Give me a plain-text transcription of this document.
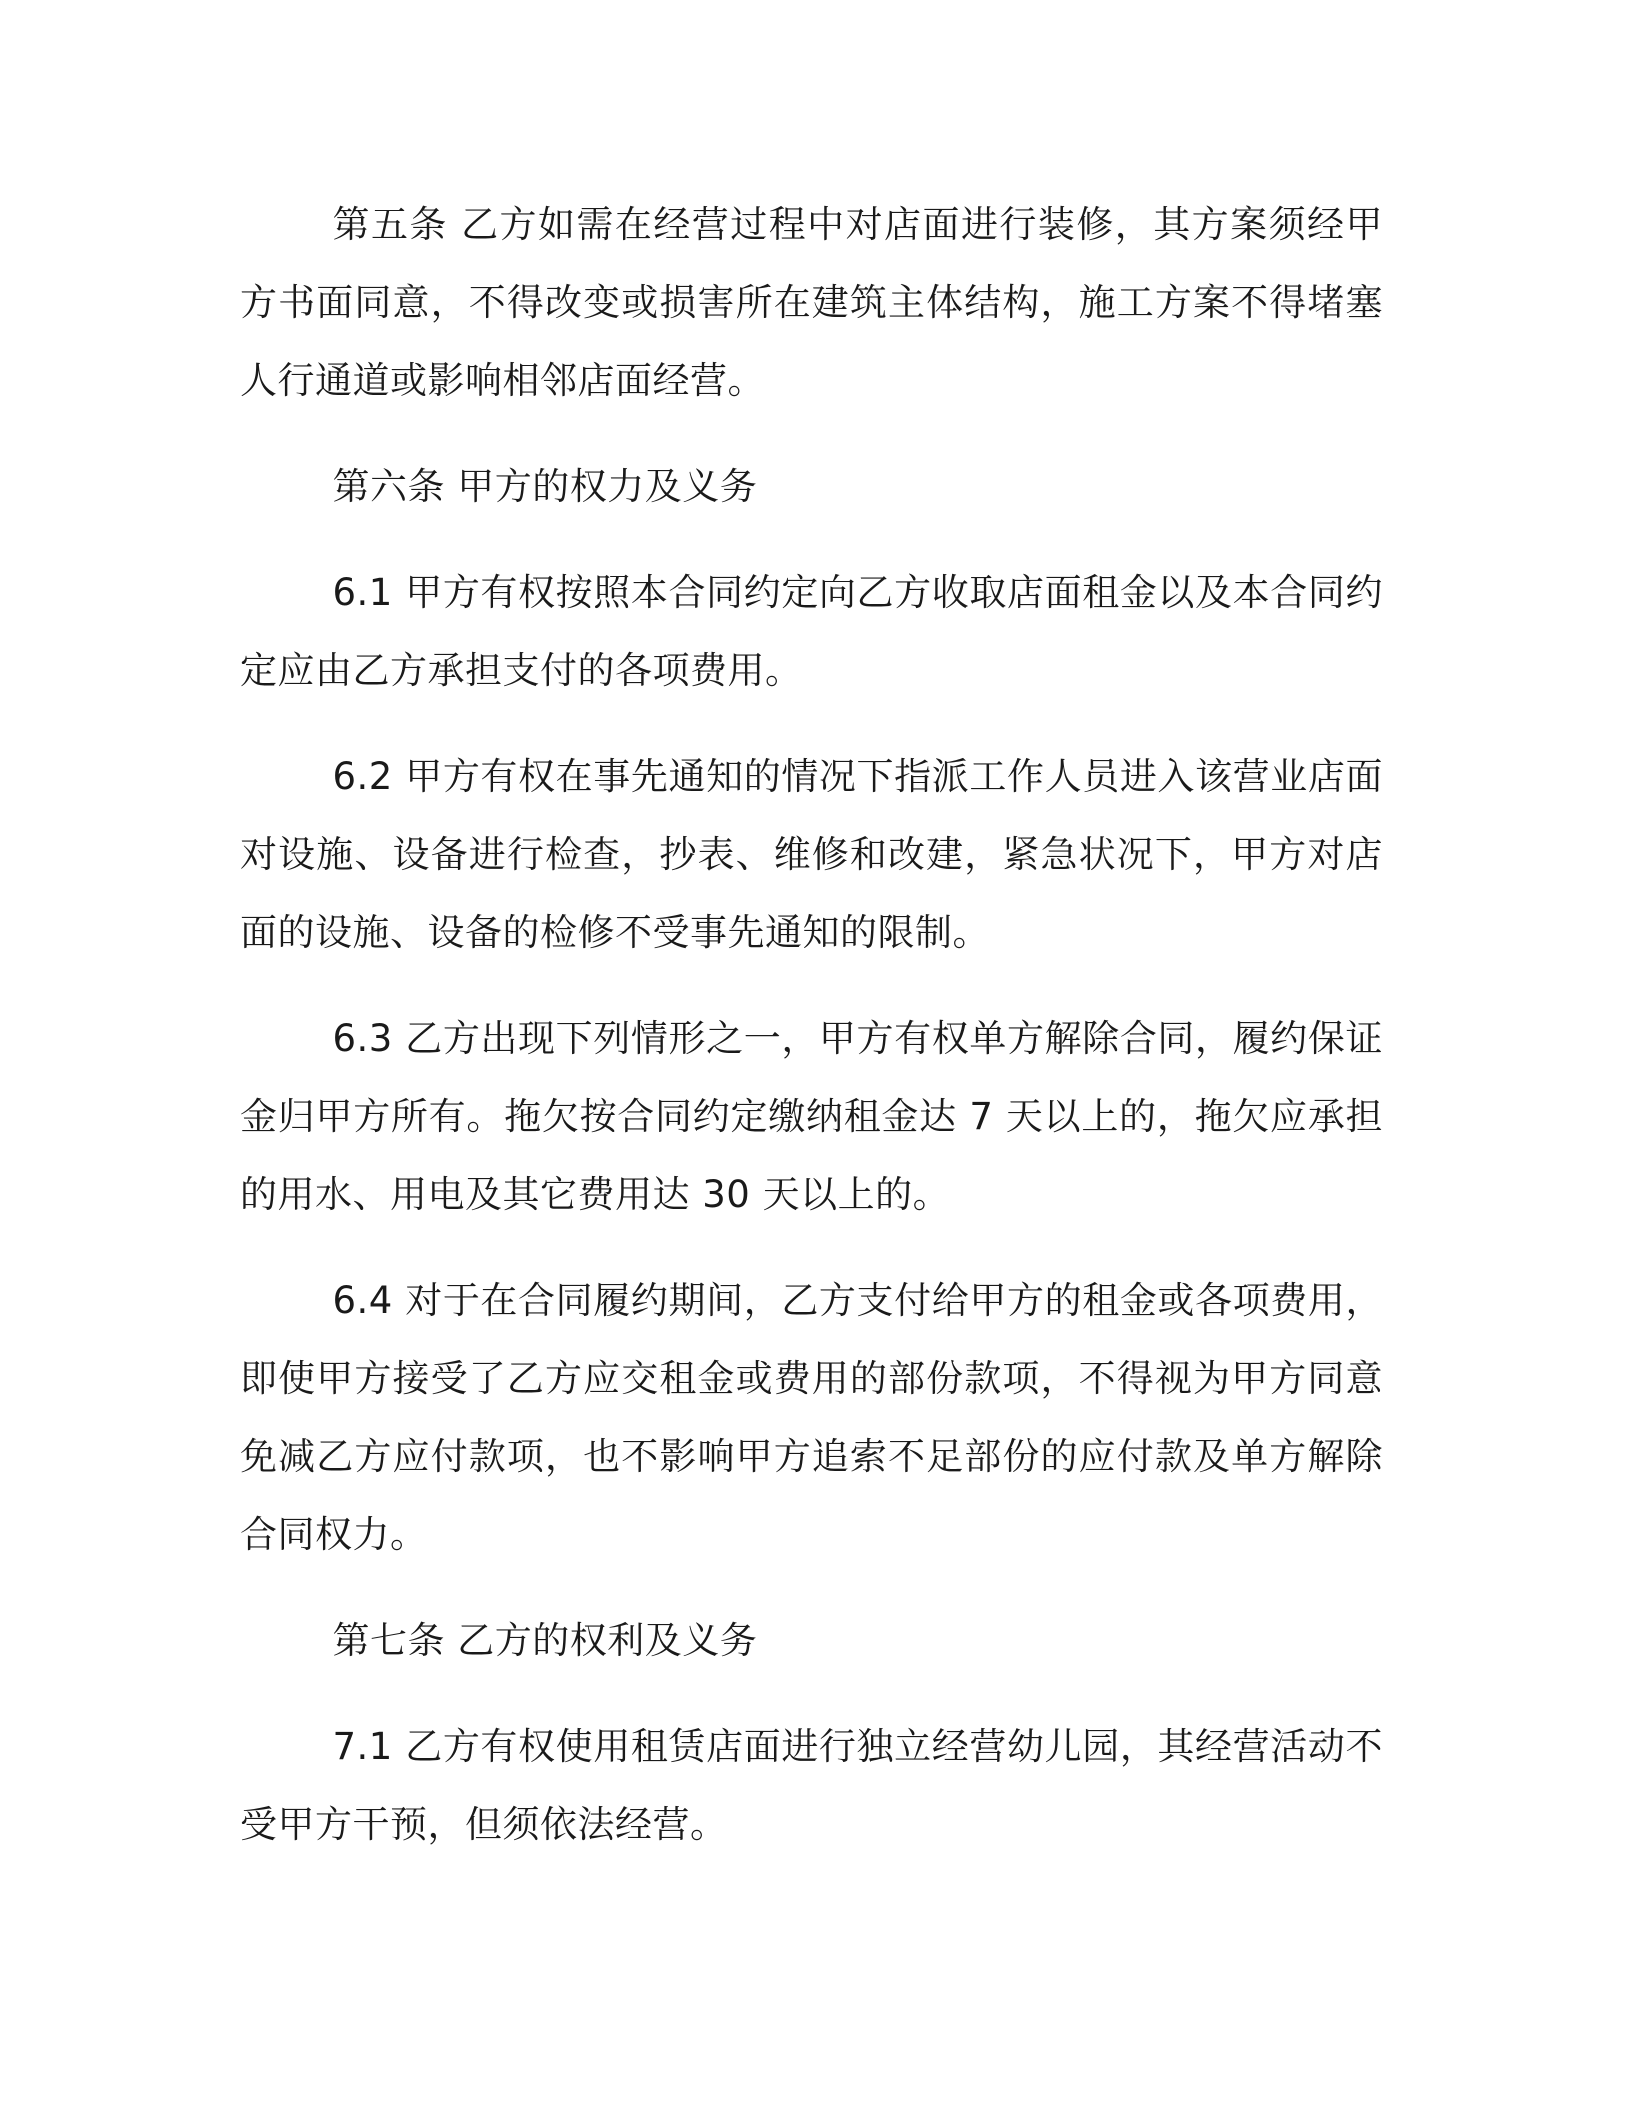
第五条 乙方如需在经营过程中对店面进行装修，其方案须经甲方书面同意，不得改变或损害所在建筑主体结构，施工方案不得堵塞人行通道或影响相邻店面经营。

第六条 甲方的权力及义务

6.1 甲方有权按照本合同约定向乙方收取店面租金以及本合同约定应由乙方承担支付的各项费用。

6.2 甲方有权在事先通知的情况下指派工作人员进入该营业店面对设施、设备进行检查，抄表、维修和改建，紧急状况下，甲方对店面的设施、设备的检修不受事先通知的限制。

6.3 乙方出现下列情形之一，甲方有权单方解除合同，履约保证金归甲方所有。拖欠按合同约定缴纳租金达 7 天以上的，拖欠应承担的用水、用电及其它费用达 30 天以上的。

6.4 对于在合同履约期间，乙方支付给甲方的租金或各项费用，即使甲方接受了乙方应交租金或费用的部份款项，不得视为甲方同意免减乙方应付款项，也不影响甲方追索不足部份的应付款及单方解除合同权力。

第七条 乙方的权利及义务

7.1 乙方有权使用租赁店面进行独立经营幼儿园，其经营活动不受甲方干预，但须依法经营。
